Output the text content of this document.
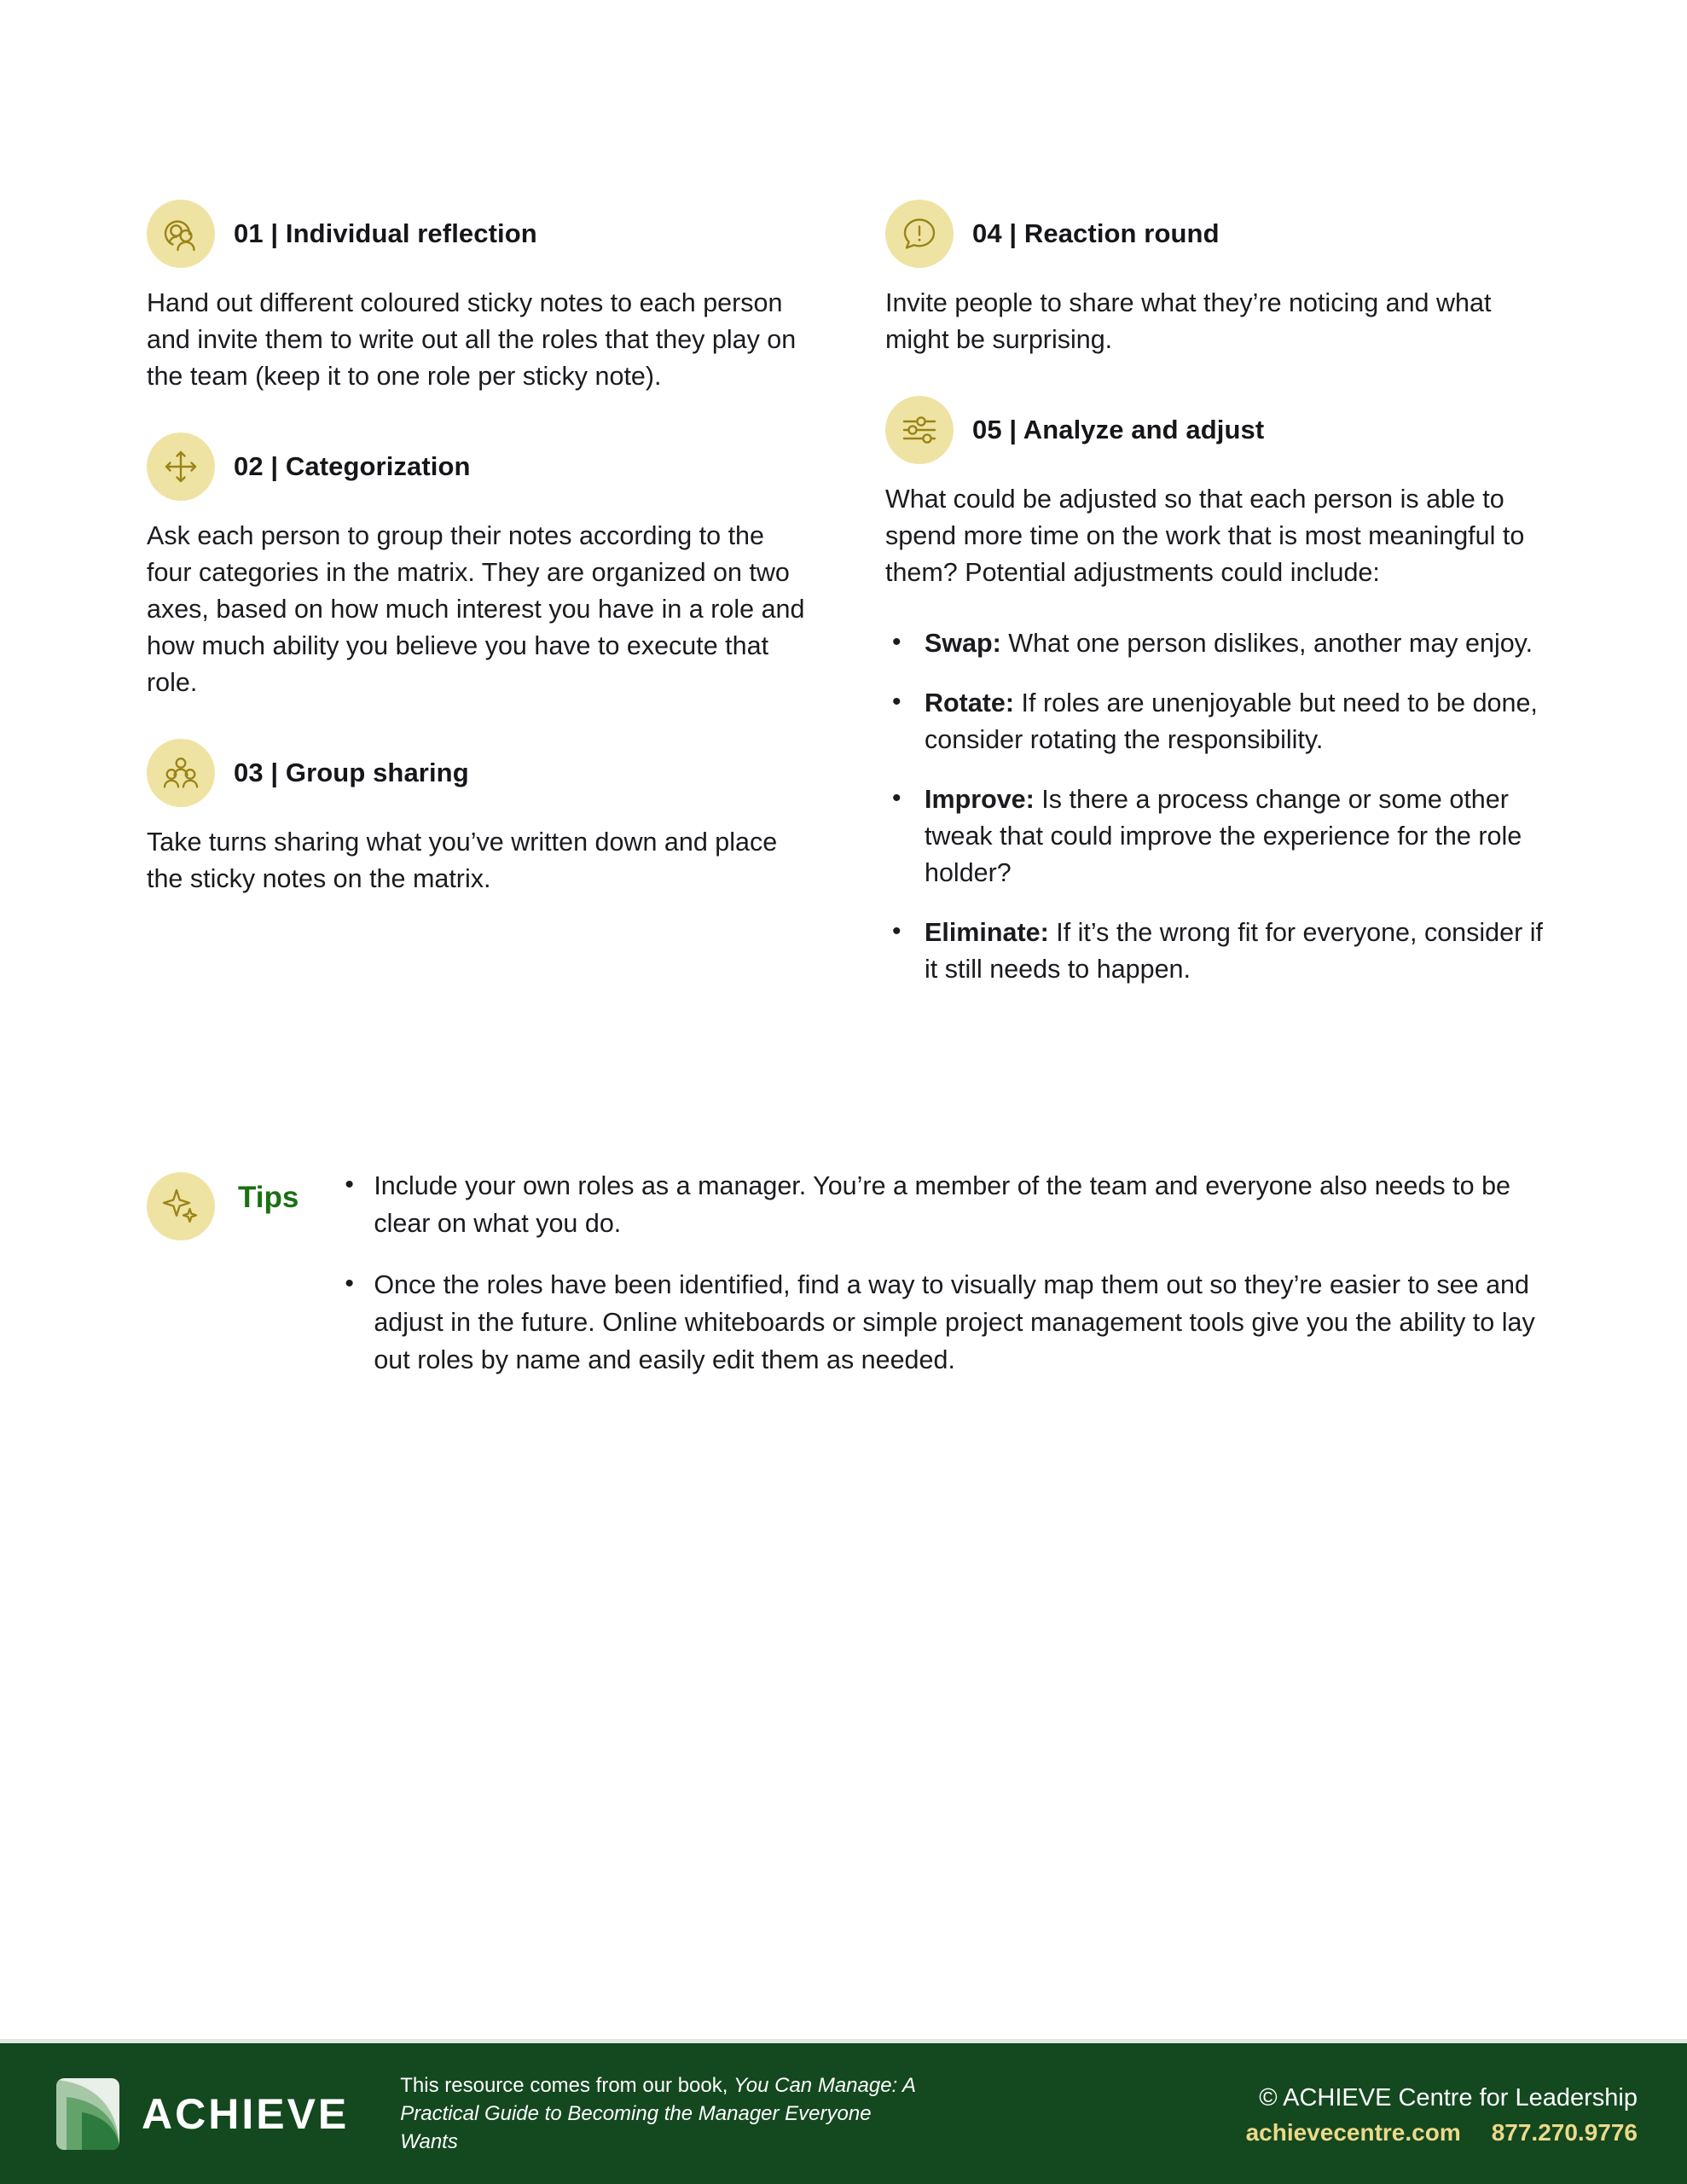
01 | Individual reflection
Hand out different coloured sticky notes to each person and invite them to write out all the roles that they play on the team (keep it to one role per sticky note).
02 | Categorization
Ask each person to group their notes according to the four categories in the matrix. They are organized on two axes, based on how much interest you have in a role and how much ability you believe you have to execute that role.
03 | Group sharing
Take turns sharing what you’ve written down and place the sticky notes on the matrix.
04 | Reaction round
Invite people to share what they’re noticing and what might be surprising.
05 | Analyze and adjust
What could be adjusted so that each person is able to spend more time on the work that is most meaningful to them? Potential adjustments could include:
• Swap: What one person dislikes, another may enjoy.
• Rotate: If roles are unenjoyable but need to be done, consider rotating the responsibility.
• Improve: Is there a process change or some other tweak that could improve the experience for the role holder?
• Eliminate: If it’s the wrong fit for everyone, consider if it still needs to happen.
Tips	• Include your own roles as a manager. You’re a member of the team and everyone also needs to be clear on what you do.
• Once the roles have been identified, find a way to visually map them out so they’re easier to see and adjust in the future. Online whiteboards or simple project management tools give you the ability to lay out roles by name and easily edit them as needed.
ACHIEVE
This resource comes from our book, You Can Manage: A Practical Guide to Becoming the Manager Everyone Wants
© ACHIEVE Centre for Leadership
achievecentre.com 877.270.9776
